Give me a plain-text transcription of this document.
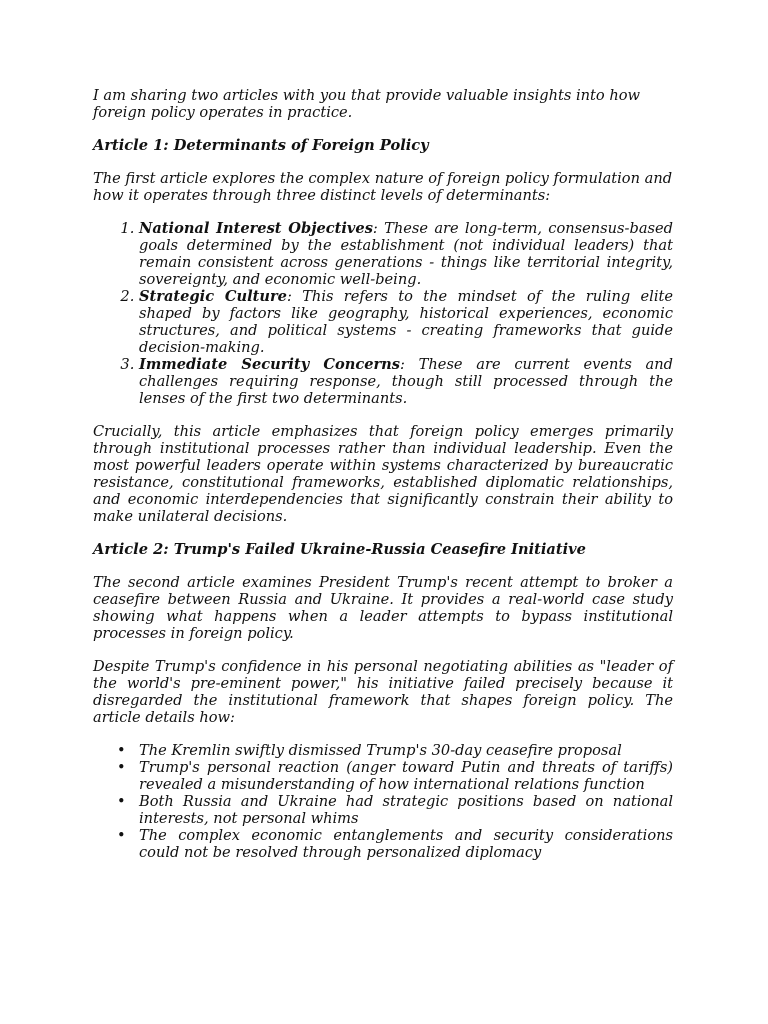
I am sharing two articles with you that provide valuable insights into how foreign policy operates in practice.

Article 1: Determinants of Foreign Policy

The first article explores the complex nature of foreign policy formulation and how it operates through three distinct levels of determinants:

1. National Interest Objectives: These are long-term, consensus-based goals determined by the establishment (not individual leaders) that remain consistent across generations - things like territorial integrity, sovereignty, and economic well-being.
2. Strategic Culture: This refers to the mindset of the ruling elite shaped by factors like geography, historical experiences, economic structures, and political systems - creating frameworks that guide decision-making.
3. Immediate Security Concerns: These are current events and challenges requiring response, though still processed through the lenses of the first two determinants.

Crucially, this article emphasizes that foreign policy emerges primarily through institutional processes rather than individual leadership. Even the most powerful leaders operate within systems characterized by bureaucratic resistance, constitutional frameworks, established diplomatic relationships, and economic interdependencies that significantly constrain their ability to make unilateral decisions.

Article 2: Trump's Failed Ukraine-Russia Ceasefire Initiative

The second article examines President Trump's recent attempt to broker a ceasefire between Russia and Ukraine. It provides a real-world case study showing what happens when a leader attempts to bypass institutional processes in foreign policy.

Despite Trump's confidence in his personal negotiating abilities as "leader of the world's pre-eminent power," his initiative failed precisely because it disregarded the institutional framework that shapes foreign policy. The article details how:

• The Kremlin swiftly dismissed Trump's 30-day ceasefire proposal
• Trump's personal reaction (anger toward Putin and threats of tariffs) revealed a misunderstanding of how international relations function
• Both Russia and Ukraine had strategic positions based on national interests, not personal whims
• The complex economic entanglements and security considerations could not be resolved through personalized diplomacy
